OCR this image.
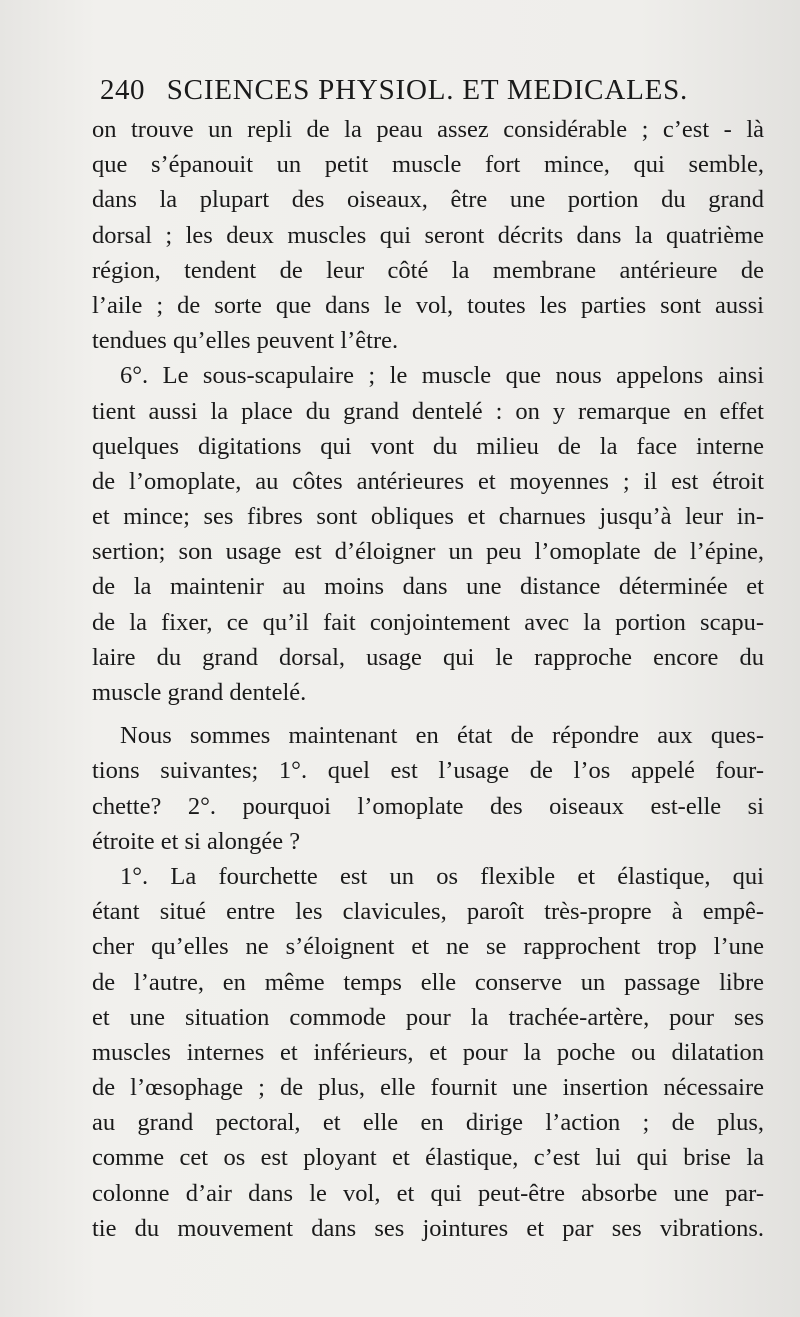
240 SCIENCES PHYSIOL. ET MEDICALES.
on trouve un repli de la peau assez considérable ; c’est - là
que s’épanouit un petit muscle fort mince, qui semble,
dans la plupart des oiseaux, être une portion du grand
dorsal ; les deux muscles qui seront décrits dans la quatrième
région, tendent de leur côté la membrane antérieure de
l’aile ; de sorte que dans le vol, toutes les parties sont aussi
tendues qu’elles peuvent l’être.
6°. Le sous-scapulaire ; le muscle que nous appelons ainsi
tient aussi la place du grand dentelé : on y remarque en effet
quelques digitations qui vont du milieu de la face interne
de l’omoplate, au côtes antérieures et moyennes ; il est étroit
et mince; ses fibres sont obliques et charnues jusqu’à leur in-
sertion; son usage est d’éloigner un peu l’omoplate de l’épine,
de la maintenir au moins dans une distance déterminée et
de la fixer, ce qu’il fait conjointement avec la portion scapu-
laire du grand dorsal, usage qui le rapproche encore du
muscle grand dentelé.
Nous sommes maintenant en état de répondre aux ques-
tions suivantes; 1°. quel est l’usage de l’os appelé four-
chette? 2°. pourquoi l’omoplate des oiseaux est-elle si
étroite et si alongée ?
1°. La fourchette est un os flexible et élastique, qui
étant situé entre les clavicules, paroît très-propre à empê-
cher qu’elles ne s’éloignent et ne se rapprochent trop l’une
de l’autre, en même temps elle conserve un passage libre
et une situation commode pour la trachée-artère, pour ses
muscles internes et inférieurs, et pour la poche ou dilatation
de l’œsophage ; de plus, elle fournit une insertion nécessaire
au grand pectoral, et elle en dirige l’action ; de plus,
comme cet os est ployant et élastique, c’est lui qui brise la
colonne d’air dans le vol, et qui peut-être absorbe une par-
tie du mouvement dans ses jointures et par ses vibrations.
